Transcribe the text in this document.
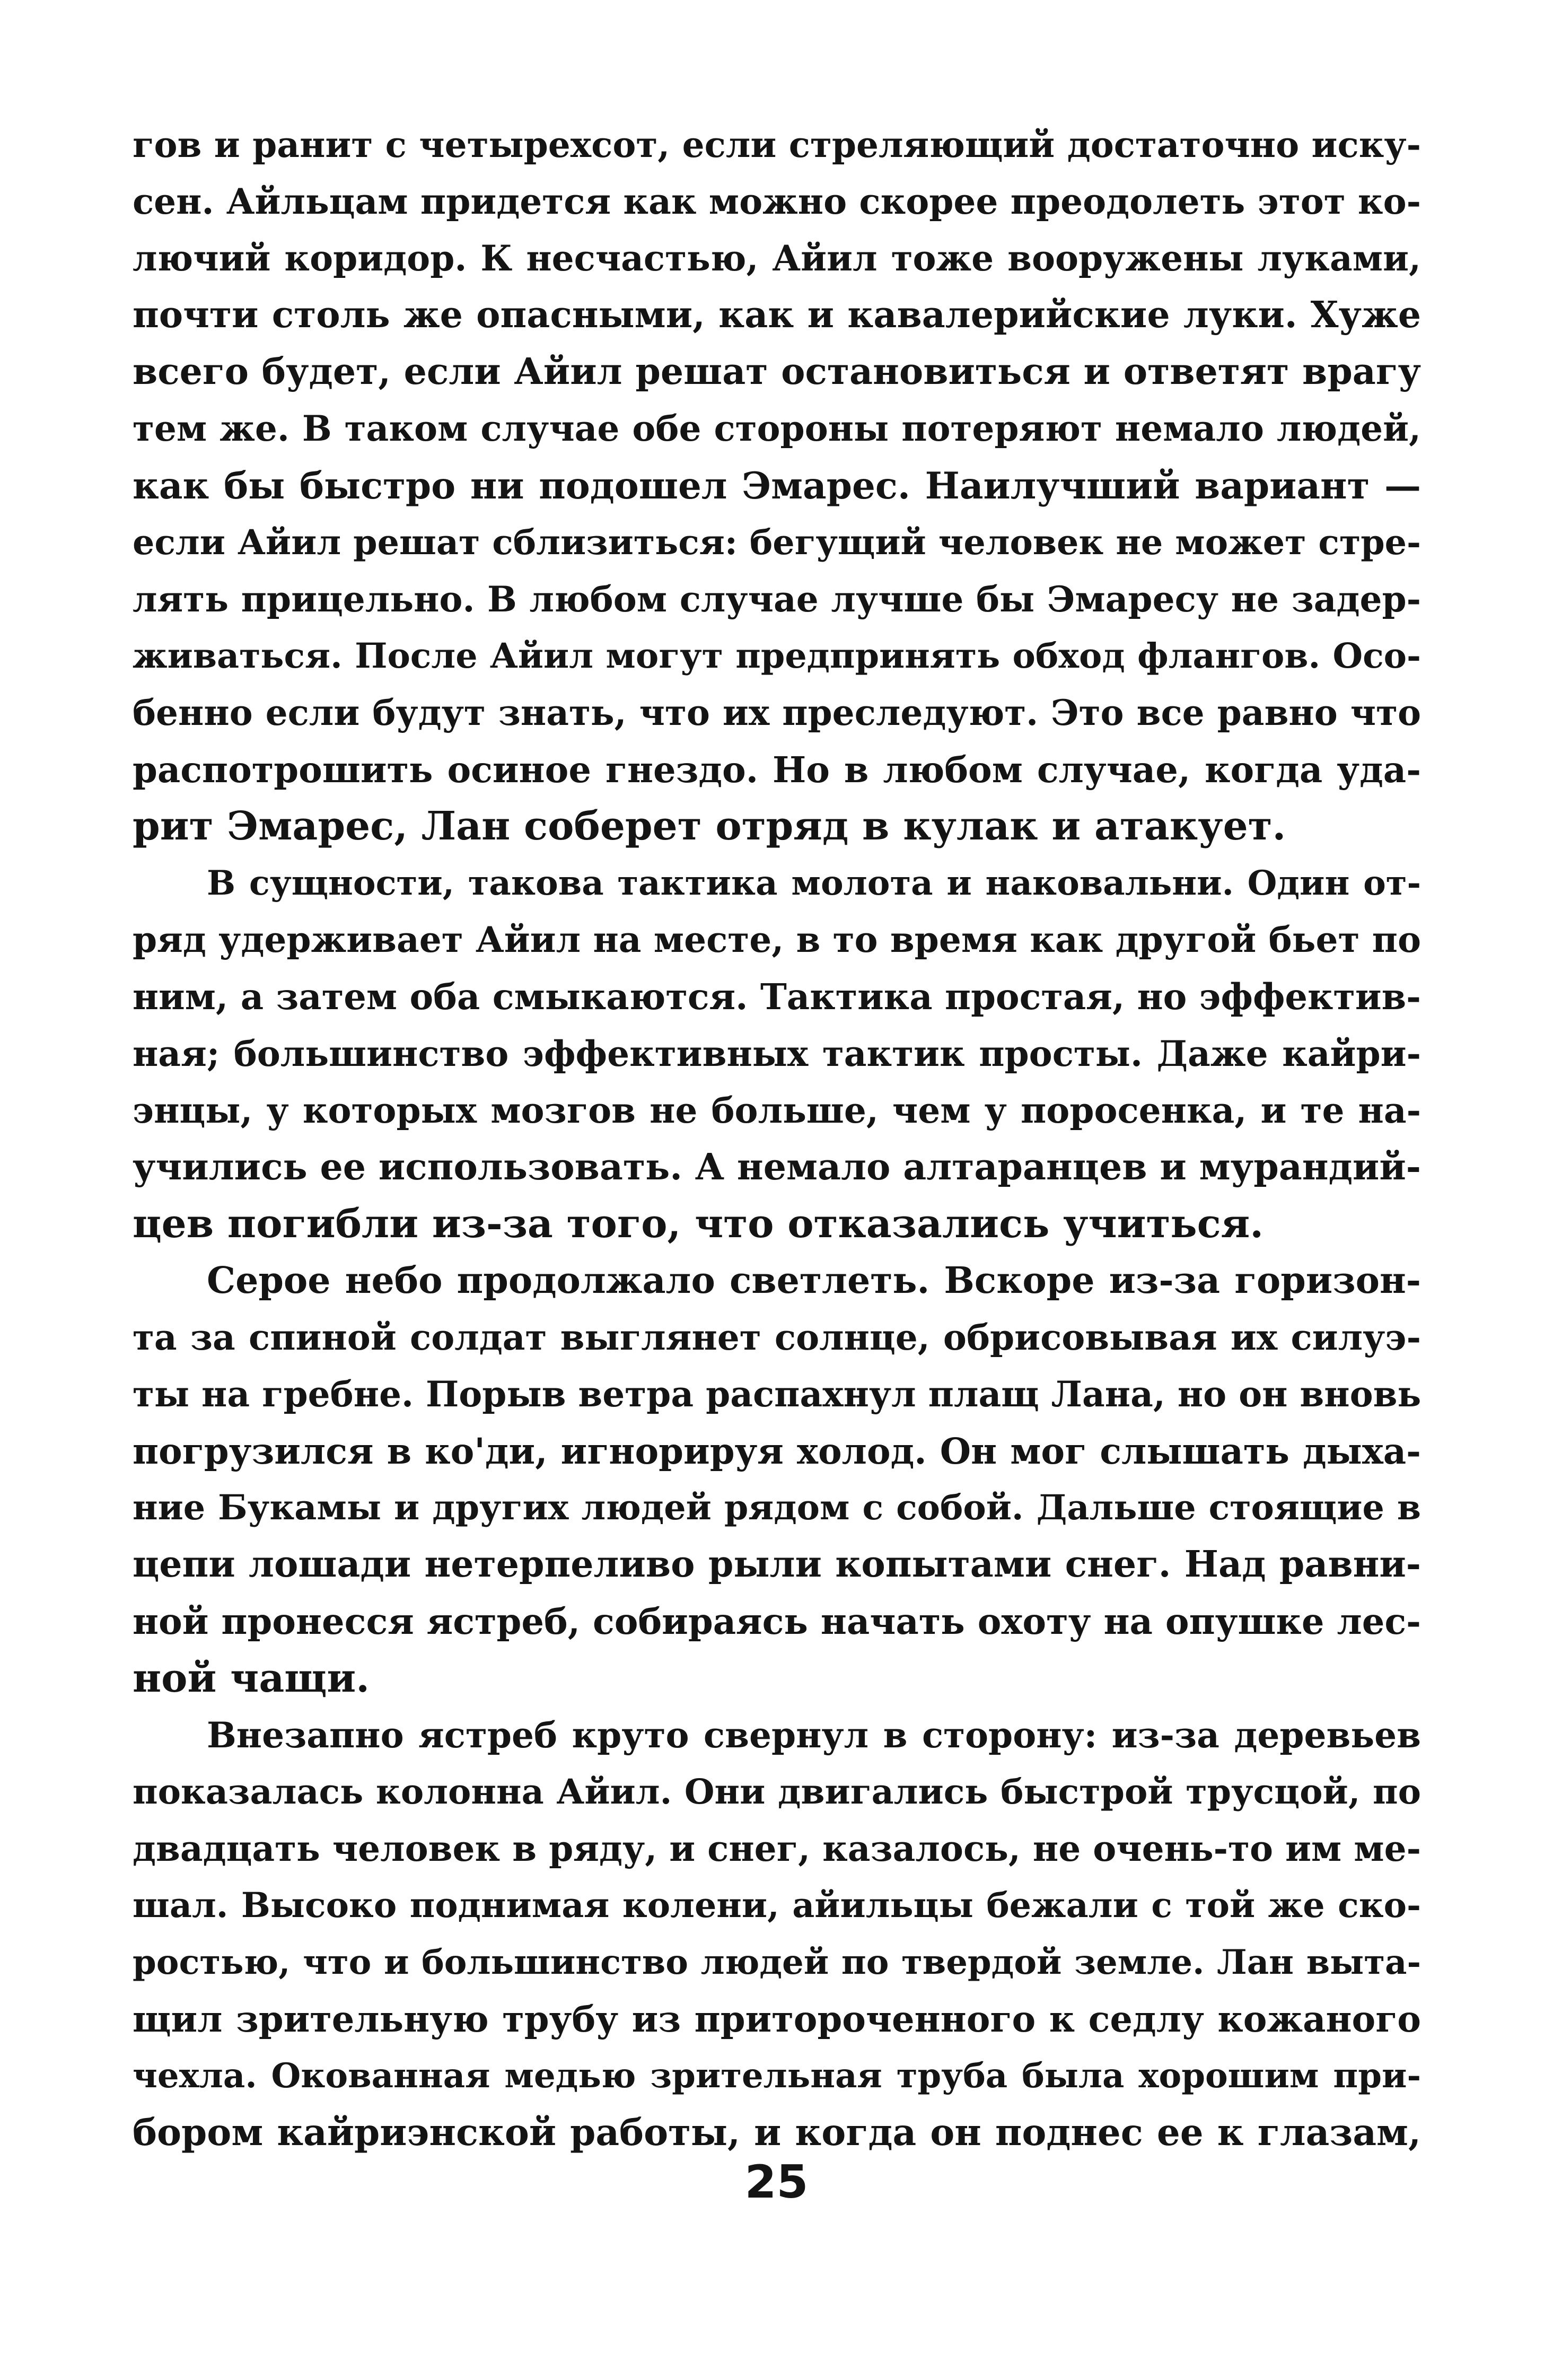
гов и ранит с четырехсот, если стреляющий достаточно иску-
сен. Айльцам придется как можно скорее преодолеть этот ко-
лючий коридор. К несчастью, Айил тоже вооружены луками,
почти столь же опасными, как и кавалерийские луки. Хуже
всего будет, если Айил решат остановиться и ответят врагу
тем же. В таком случае обе стороны потеряют немало людей,
как бы быстро ни подошел Эмарес. Наилучший вариант —
если Айил решат сблизиться: бегущий человек не может стре-
лять прицельно. В любом случае лучше бы Эмаресу не задер-
живаться. После Айил могут предпринять обход флангов. Осо-
бенно если будут знать, что их преследуют. Это все равно что
распотрошить осиное гнездо. Но в любом случае, когда уда-
рит Эмарес, Лан соберет отряд в кулак и атакует.
В сущности, такова тактика молота и наковальни. Один от-
ряд удерживает Айил на месте, в то время как другой бьет по
ним, а затем оба смыкаются. Тактика простая, но эффектив-
ная; большинство эффективных тактик просты. Даже кайри-
энцы, у которых мозгов не больше, чем у поросенка, и те на-
учились ее использовать. А немало алтаранцев и мурандий-
цев погибли из-за того, что отказались учиться.
Серое небо продолжало светлеть. Вскоре из-за горизон-
та за спиной солдат выглянет солнце, обрисовывая их силуэ-
ты на гребне. Порыв ветра распахнул плащ Лана, но он вновь
погрузился в ко'ди, игнорируя холод. Он мог слышать дыха-
ние Букамы и других людей рядом с собой. Дальше стоящие в
цепи лошади нетерпеливо рыли копытами снег. Над равни-
ной пронесся ястреб, собираясь начать охоту на опушке лес-
ной чащи.
Внезапно ястреб круто свернул в сторону: из-за деревьев
показалась колонна Айил. Они двигались быстрой трусцой, по
двадцать человек в ряду, и снег, казалось, не очень-то им ме-
шал. Высоко поднимая колени, айильцы бежали с той же ско-
ростью, что и большинство людей по твердой земле. Лан выта-
щил зрительную трубу из приторoченного к седлу кожаного
чехла. Окованная медью зрительная труба была хорошим при-
бором кайриэнской работы, и когда он поднес ее к глазам,
25
